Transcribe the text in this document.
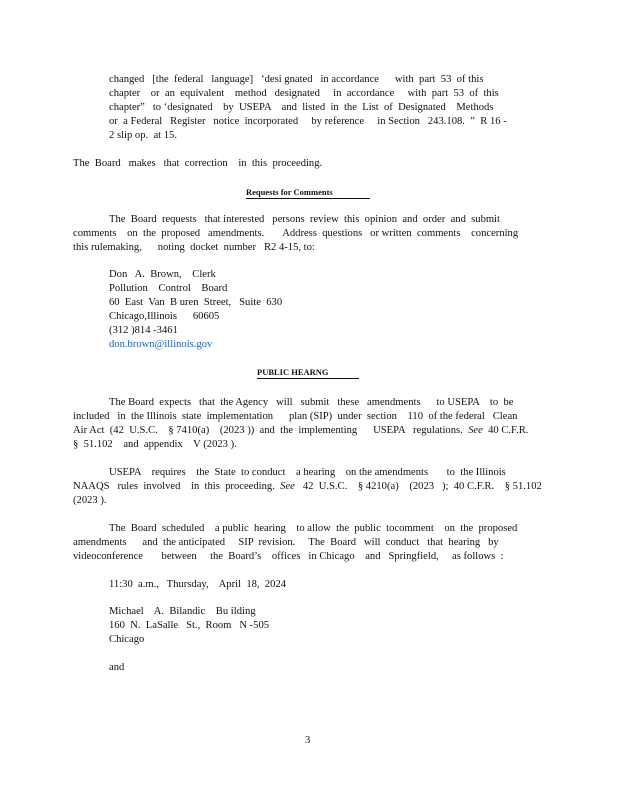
changed   [the  federal   language]   ‘desi gnated   in accordance      with  part  53  of this
chapter    or  an  equivalent    method   designated     in  accordance     with  part  53  of  this
chapter”   to ‘designated    by  USEPA    and  listed  in  the  List  of  Designated    Methods
or  a Federal   Register   notice  incorporated     by reference     in Section   243.108.  ”  R 16 -
2 slip op.  at 15.
The  Board   makes   that  correction    in  this  proceeding.
Requests for Comments
The  Board  requests   that interested   persons  review  this  opinion  and  order  and  submit
comments    on  the  proposed   amendments.       Address  questions   or written  comments    concerning
this rulemaking,      noting  docket  number   R2 4-15, to:
Don   A.  Brown,    Clerk
Pollution    Control    Board
60  East  Van  B uren  Street,   Suite  630
Chicago,Illinois      60605
(312 )814 -3461
don.brown@illinois.gov
PUBLIC HEARNG
The Board  expects   that  the Agency   will   submit   these   amendments      to USEPA    to  be
included   in  the Illinois  state  implementation      plan (SIP)  under  section    110  of the federal   Clean
Air Act  (42  U.S.C.    § 7410(a)    (2023 ))  and  the  implementing      USEPA   regulations. See 40 C.F.R.
§  51.102    and  appendix    V (2023 ).
USEPA    requires    the  State  to conduct    a hearing    on the amendments       to  the Illinois
NAAQS   rules  involved    in  this  proceeding. See 42  U.S.C.    § 4210(a)    (2023   );  40 C.F.R.    § 51.102
(2023 ).
The  Board  scheduled    a public  hearing    to allow  the  public  tocomment    on  the  proposed
amendments      and  the anticipated     SIP  revision.     The  Board   will  conduct   that  hearing   by
videoconference       between     the  Board’s    offices   in Chicago    and   Springfield,     as follows  :
11:30  a.m.,   Thursday,    April  18,  2024
Michael    A.  Bilandic    Bu ilding
160  N.  LaSalle   St.,  Room   N -505
Chicago
and
3
